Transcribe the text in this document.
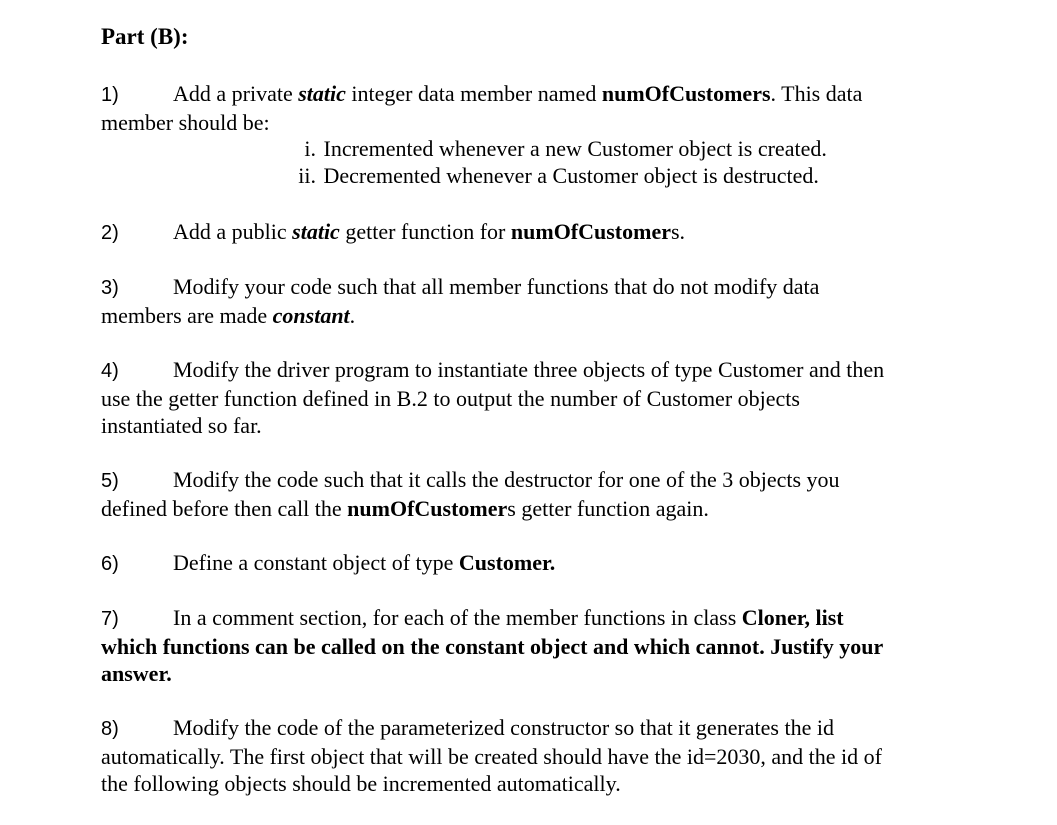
Part (B):
1) Add a private static integer data member named numOfCustomers. This data
member should be:
i. Incremented whenever a new Customer object is created.
ii. Decremented whenever a Customer object is destructed.
2) Add a public static getter function for numOfCustomers.
3) Modify your code such that all member functions that do not modify data
members are made constant.
4) Modify the driver program to instantiate three objects of type Customer and then
use the getter function defined in B.2 to output the number of Customer objects
instantiated so far.
5) Modify the code such that it calls the destructor for one of the 3 objects you
defined before then call the numOfCustomers getter function again.
6) Define a constant object of type Customer.
7) In a comment section, for each of the member functions in class Cloner, list
which functions can be called on the constant object and which cannot. Justify your
answer.
8) Modify the code of the parameterized constructor so that it generates the id
automatically. The first object that will be created should have the id=2030, and the id of
the following objects should be incremented automatically.
